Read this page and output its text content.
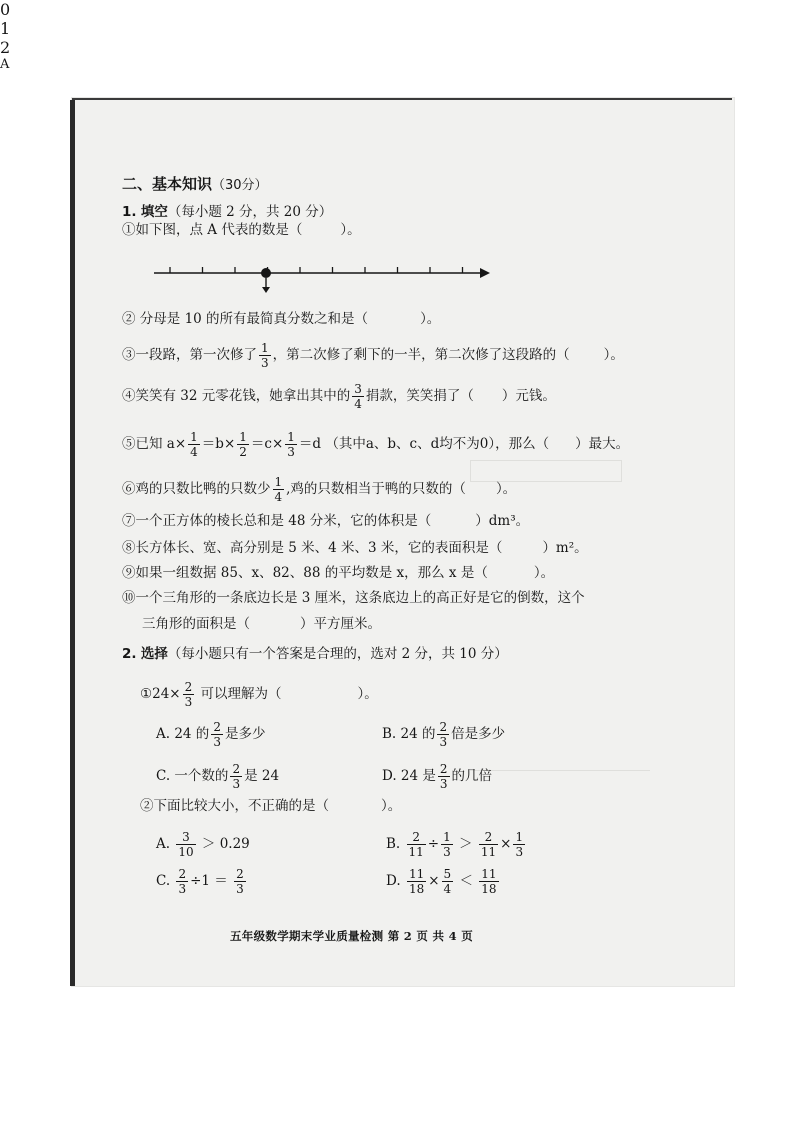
二、基本知识（30分）
1. 填空（每小题 2 分，共 20 分）
①如下图，点 A 代表的数是（	）。
0
1
2
A
② 分母是 10 的所有最简真分数之和是（	）。
③一段路，第一次修了 $\frac{1}{3}$ ，第二次修了剩下的一半，第二次修了这段路的（	）。
④笑笑有 32 元零花钱，她拿出其中的 $\frac{3}{4}$ 捐款，笑笑捐了（ ）元钱。
⑤已知 $a\times \frac{1}{4} =b\times \frac{1}{2} =c\times \frac{1}{3} =d$ （其中a、b、c、d均不为0），那么（ ）最大。
⑥鸡的只数比鸭的只数少 $\frac{1}{4}$ ,鸡的只数相当于鸭的只数的（ ）。
⑦一个正方体的棱长总和是 48 分米，它的体积是（	）dm³。
⑧长方体长、宽、高分别是 5 米、4 米、3 米，它的表面积是（	）m²。
⑨如果一组数据 85、x、82、88 的平均数是 x，那么 x 是（	）。
⑩一个三角形的一条底边长是 3 厘米，这条底边上的高正好是它的倒数，这个
三角形的面积是（	）平方厘米。
2. 选择（每小题只有一个答案是合理的，选对 2 分，共 10 分）
①24× $\frac{2}{3}$ 可以理解为（	）。
A. 24 的 $\frac{2}{3}$ 是多少	B. 24 的 $\frac{2}{3}$ 倍是多少
C. 一个数的 $\frac{2}{3}$ 是 24	D. 24 是 $\frac{2}{3}$ 的几倍
②下面比较大小，不正确的是（	）。
A. $\frac{3}{10} > 0.29$	B. $\frac{2}{11} \div \frac{1}{3} > \frac{2}{11} \times \frac{1}{3}$
C. $\frac{2}{3} \div 1 = \frac{2}{3}$	D. $\frac{11}{18} \times \frac{5}{4} < \frac{11}{18}$
五年级数学期末学业质量检测 第 2 页 共 4 页
